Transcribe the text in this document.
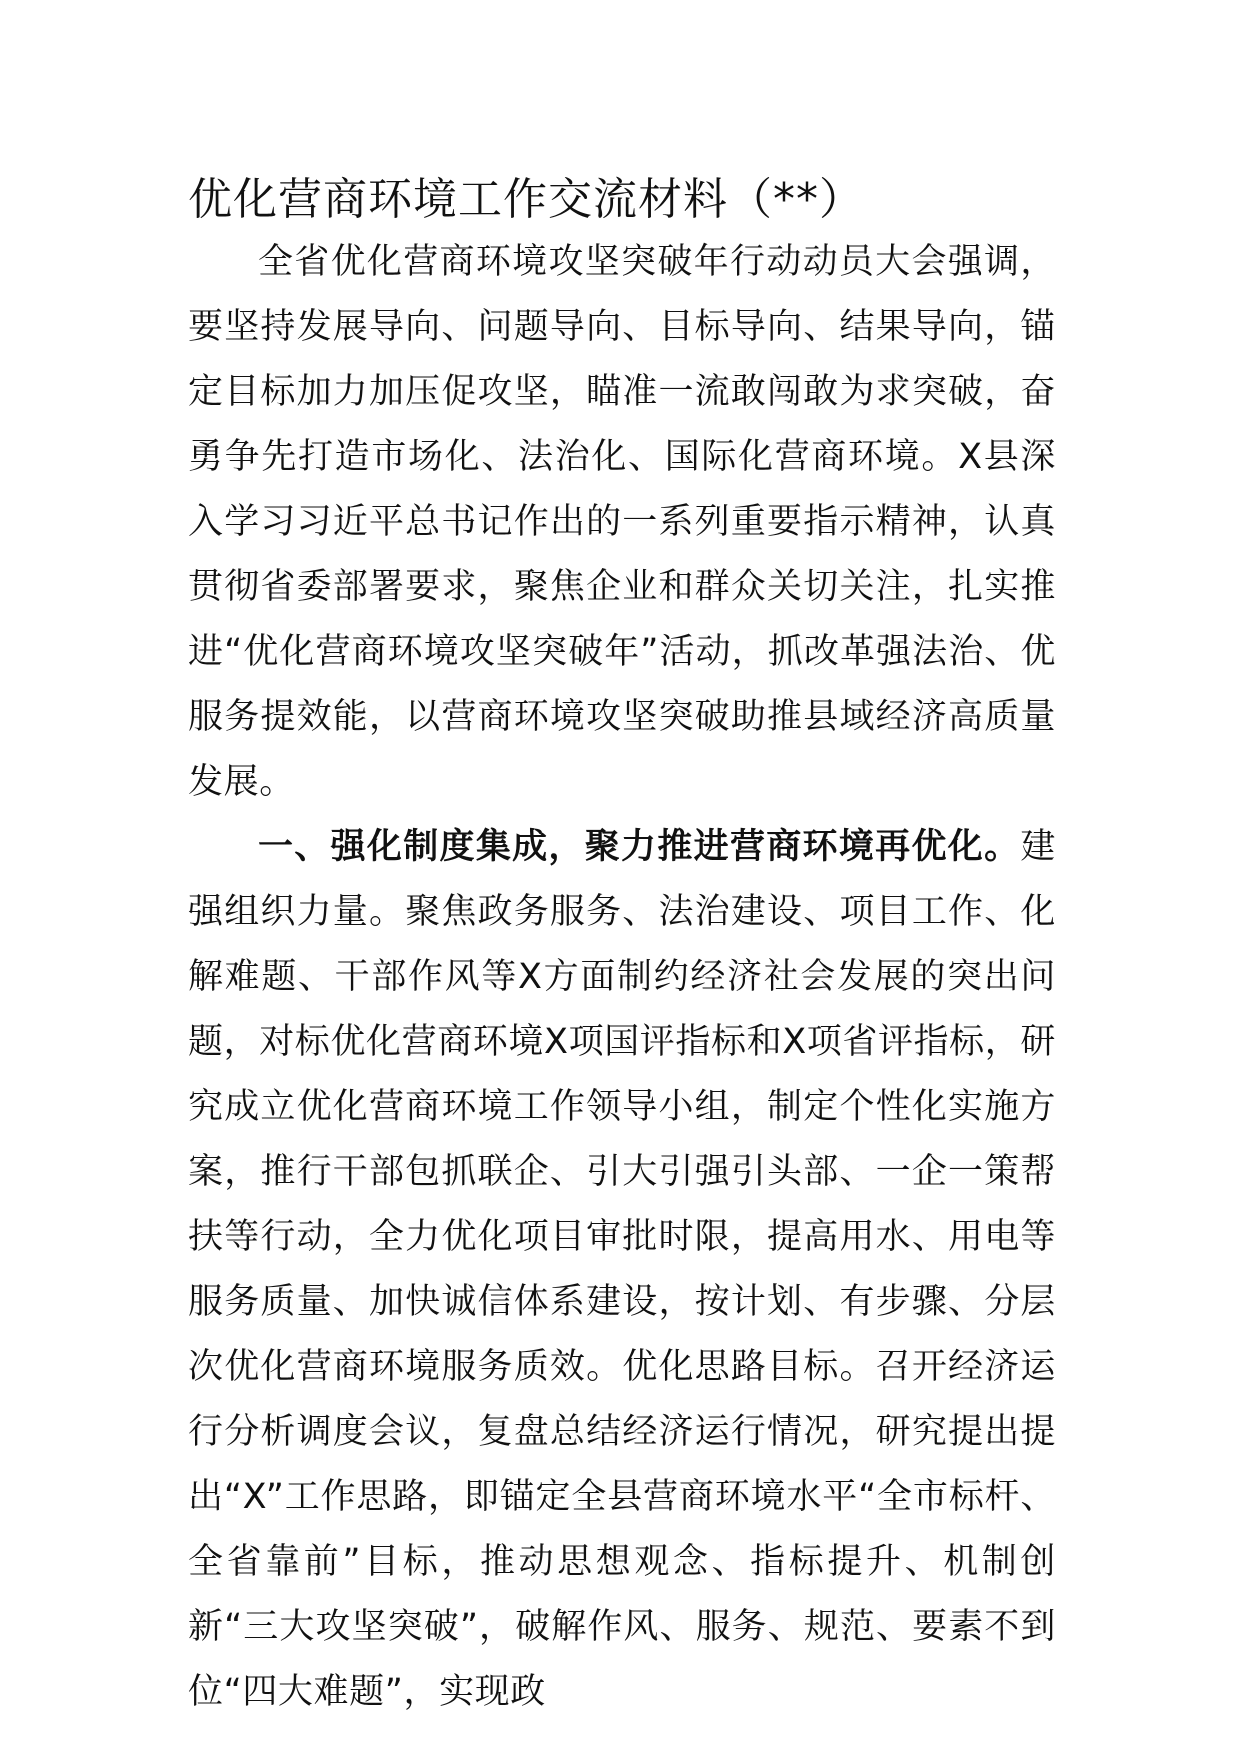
优化营商环境工作交流材料（**）

全省优化营商环境攻坚突破年行动动员大会强调，要坚持发展导向、问题导向、目标导向、结果导向，锚定目标加力加压促攻坚，瞄准一流敢闯敢为求突破，奋勇争先打造市场化、法治化、国际化营商环境。X县深入学习习近平总书记作出的一系列重要指示精神，认真贯彻省委部署要求，聚焦企业和群众关切关注，扎实推进“优化营商环境攻坚突破年”活动，抓改革强法治、优服务提效能，以营商环境攻坚突破助推县域经济高质量发展。

一、强化制度集成，聚力推进营商环境再优化。建强组织力量。聚焦政务服务、法治建设、项目工作、化解难题、干部作风等X方面制约经济社会发展的突出问题，对标优化营商环境X项国评指标和X项省评指标，研究成立优化营商环境工作领导小组，制定个性化实施方案，推行干部包抓联企、引大引强引头部、一企一策帮扶等行动，全力优化项目审批时限，提高用水、用电等服务质量、加快诚信体系建设，按计划、有步骤、分层次优化营商环境服务质效。优化思路目标。召开经济运行分析调度会议，复盘总结经济运行情况，研究提出提出“X”工作思路，即锚定全县营商环境水平“全市标杆、全省靠前”目标，推动思想观念、指标提升、机制创新“三大攻坚突破”，破解作风、服务、规范、要素不到位“四大难题”，实现政
